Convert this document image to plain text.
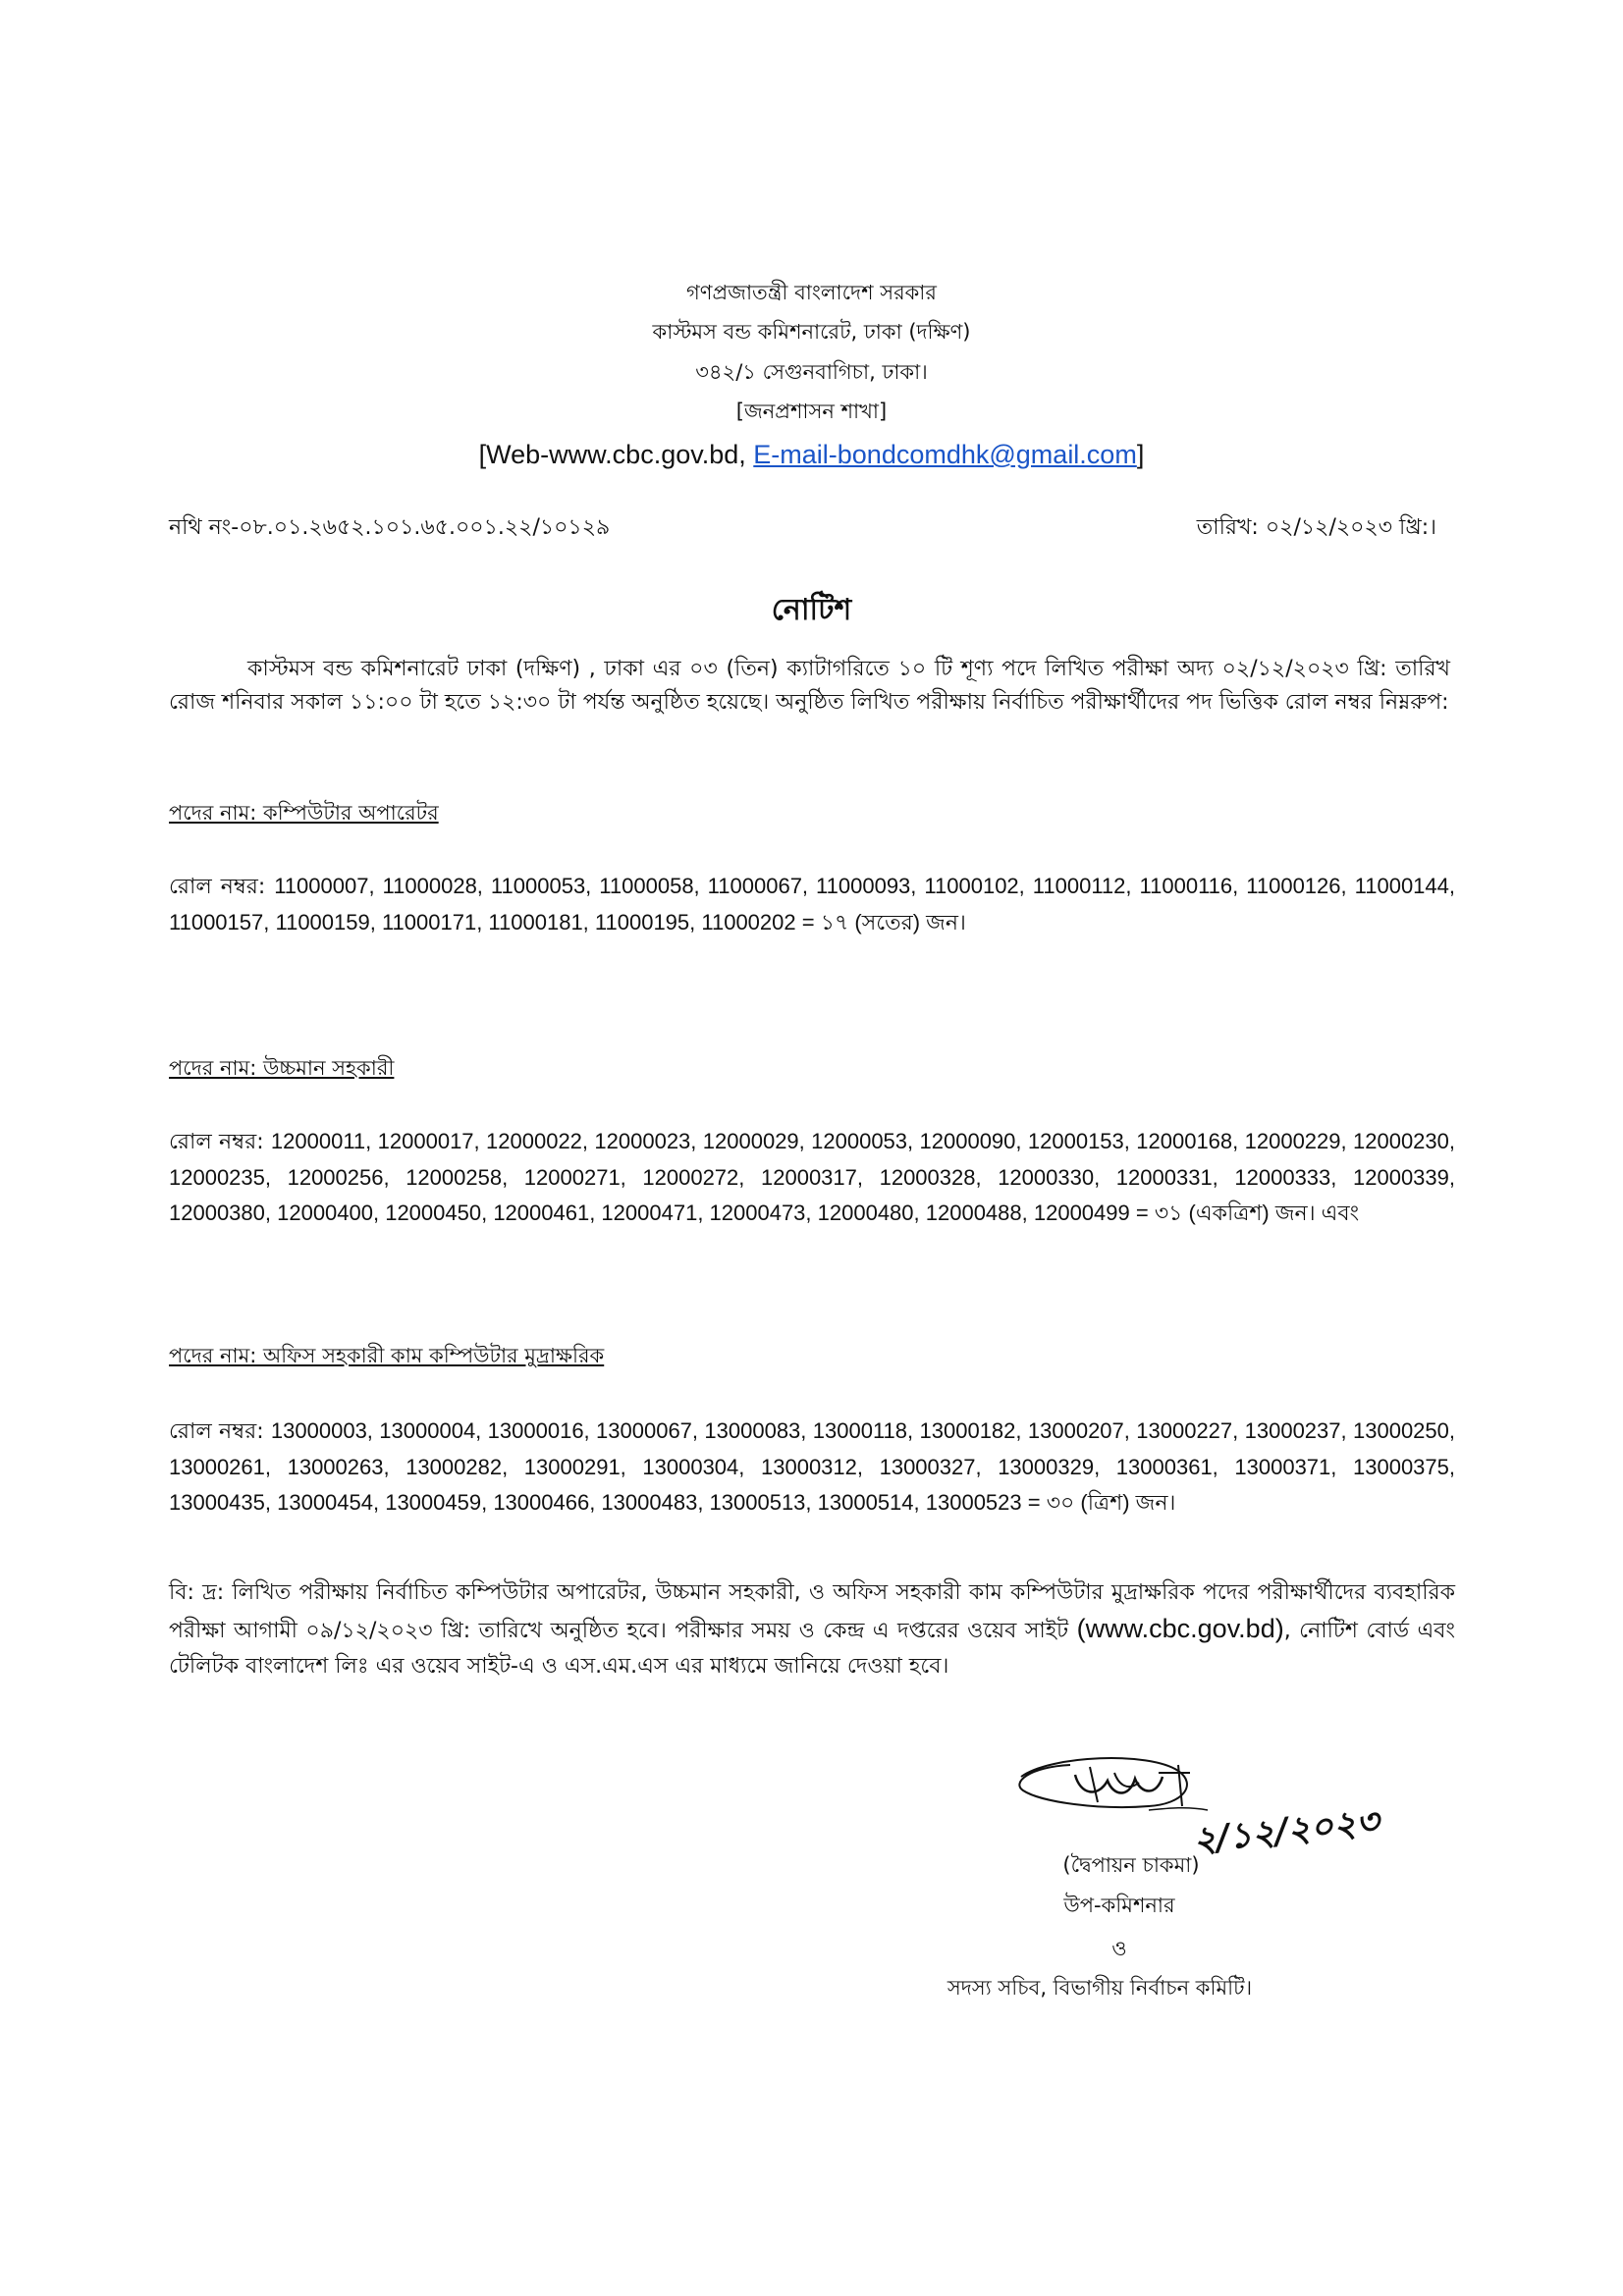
গণপ্রজাতন্ত্রী বাংলাদেশ সরকার
কাস্টমস বন্ড কমিশনারেট, ঢাকা (দক্ষিণ)
৩৪২/১ সেগুনবাগিচা, ঢাকা।
[জনপ্রশাসন শাখা]
[Web-www.cbc.gov.bd, E-mail-bondcomdhk@gmail.com]
নথি নং-০৮.০১.২৬৫২.১০১.৬৫.০০১.২২/১০১২৯	তারিখ: ০২/১২/২০২৩ খ্রি:।
নোটিশ
কাস্টমস বন্ড কমিশনারেট ঢাকা (দক্ষিণ) , ঢাকা এর ০৩ (তিন) ক্যাটাগরিতে ১০ টি শূণ্য পদে লিখিত পরীক্ষা অদ্য ০২/১২/২০২৩ খ্রি: তারিখ রোজ শনিবার সকাল ১১:০০ টা হতে ১২:৩০ টা পর্যন্ত অনুষ্ঠিত হয়েছে। অনুষ্ঠিত লিখিত পরীক্ষায় নির্বাচিত পরীক্ষার্থীদের পদ ভিত্তিক রোল নম্বর নিম্নরুপ:
পদের নাম: কম্পিউটার অপারেটর
রোল নম্বর: 11000007, 11000028, 11000053, 11000058, 11000067, 11000093, 11000102, 11000112, 11000116, 11000126, 11000144, 11000157, 11000159, 11000171, 11000181, 11000195, 11000202 = ১৭ (সতের) জন।
পদের নাম: উচ্চমান সহকারী
রোল নম্বর: 12000011, 12000017, 12000022, 12000023, 12000029, 12000053, 12000090, 12000153, 12000168, 12000229, 12000230, 12000235, 12000256, 12000258, 12000271, 12000272, 12000317, 12000328, 12000330, 12000331, 12000333, 12000339, 12000380, 12000400, 12000450, 12000461, 12000471, 12000473, 12000480, 12000488, 12000499 = ৩১ (একত্রিশ) জন। এবং
পদের নাম: অফিস সহকারী কাম কম্পিউটার মুদ্রাক্ষরিক
রোল নম্বর: 13000003, 13000004, 13000016, 13000067, 13000083, 13000118, 13000182, 13000207, 13000227, 13000237, 13000250, 13000261, 13000263, 13000282, 13000291, 13000304, 13000312, 13000327, 13000329, 13000361, 13000371, 13000375, 13000435, 13000454, 13000459, 13000466, 13000483, 13000513, 13000514, 13000523 = ৩০ (ত্রিশ) জন।
বি: দ্র: লিখিত পরীক্ষায় নির্বাচিত কম্পিউটার অপারেটর, উচ্চমান সহকারী, ও অফিস সহকারী কাম কম্পিউটার মুদ্রাক্ষরিক পদের পরীক্ষার্থীদের ব্যবহারিক পরীক্ষা আগামী ০৯/১২/২০২৩ খ্রি: তারিখে অনুষ্ঠিত হবে। পরীক্ষার সময় ও কেন্দ্র এ দপ্তরের ওয়েব সাইট (www.cbc.gov.bd), নোটিশ বোর্ড এবং টেলিটক বাংলাদেশ লিঃ এর ওয়েব সাইট-এ ও এস.এম.এস এর মাধ্যমে জানিয়ে দেওয়া হবে।
২/১২/২০২৩
(দ্বৈপায়ন চাকমা)
উপ-কমিশনার
ও
সদস্য সচিব, বিভাগীয় নির্বাচন কমিটি।
